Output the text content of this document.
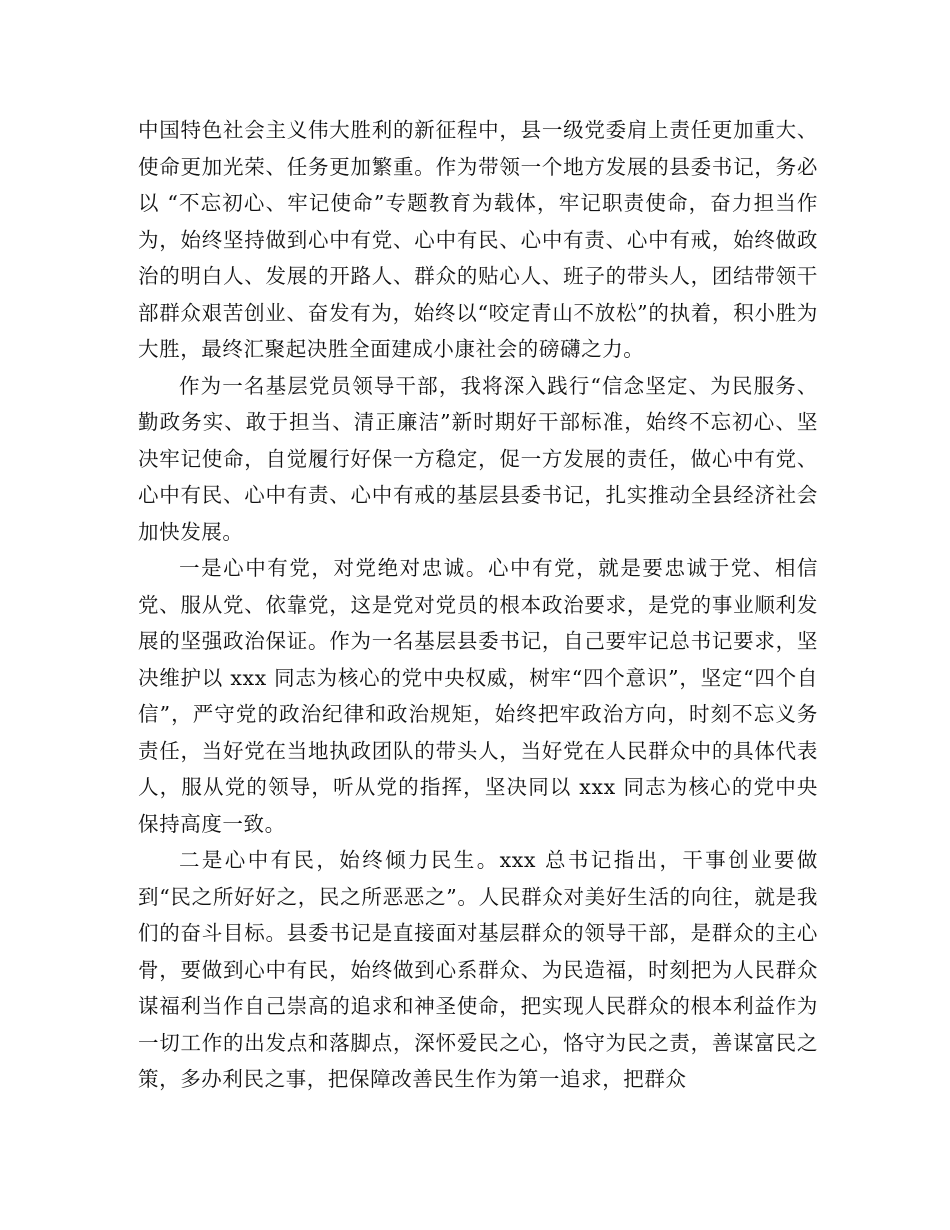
中国特色社会主义伟大胜利的新征程中，县一级党委肩上责任更加重大、使命更加光荣、任务更加繁重。作为带领一个地方发展的县委书记，务必以 “不忘初心、牢记使命”专题教育为载体，牢记职责使命，奋力担当作为，始终坚持做到心中有党、心中有民、心中有责、心中有戒，始终做政治的明白人、发展的开路人、群众的贴心人、班子的带头人，团结带领干部群众艰苦创业、奋发有为，始终以“咬定青山不放松”的执着，积小胜为大胜，最终汇聚起决胜全面建成小康社会的磅礴之力。

作为一名基层党员领导干部，我将深入践行“信念坚定、为民服务、勤政务实、敢于担当、清正廉洁”新时期好干部标准，始终不忘初心、坚决牢记使命，自觉履行好保一方稳定，促一方发展的责任，做心中有党、心中有民、心中有责、心中有戒的基层县委书记，扎实推动全县经济社会加快发展。

一是心中有党，对党绝对忠诚。心中有党，就是要忠诚于党、相信党、服从党、依靠党，这是党对党员的根本政治要求，是党的事业顺利发展的坚强政治保证。作为一名基层县委书记，自己要牢记总书记要求，坚决维护以 xxx 同志为核心的党中央权威，树牢“四个意识”，坚定“四个自信”，严守党的政治纪律和政治规矩，始终把牢政治方向，时刻不忘义务责任，当好党在当地执政团队的带头人，当好党在人民群众中的具体代表人，服从党的领导，听从党的指挥，坚决同以 xxx 同志为核心的党中央保持高度一致。

二是心中有民，始终倾力民生。xxx 总书记指出，干事创业要做到“民之所好好之，民之所恶恶之”。人民群众对美好生活的向往，就是我们的奋斗目标。县委书记是直接面对基层群众的领导干部，是群众的主心骨，要做到心中有民，始终做到心系群众、为民造福，时刻把为人民群众谋福利当作自己崇高的追求和神圣使命，把实现人民群众的根本利益作为一切工作的出发点和落脚点，深怀爱民之心，恪守为民之责，善谋富民之策，多办利民之事，把保障改善民生作为第一追求，把群众
